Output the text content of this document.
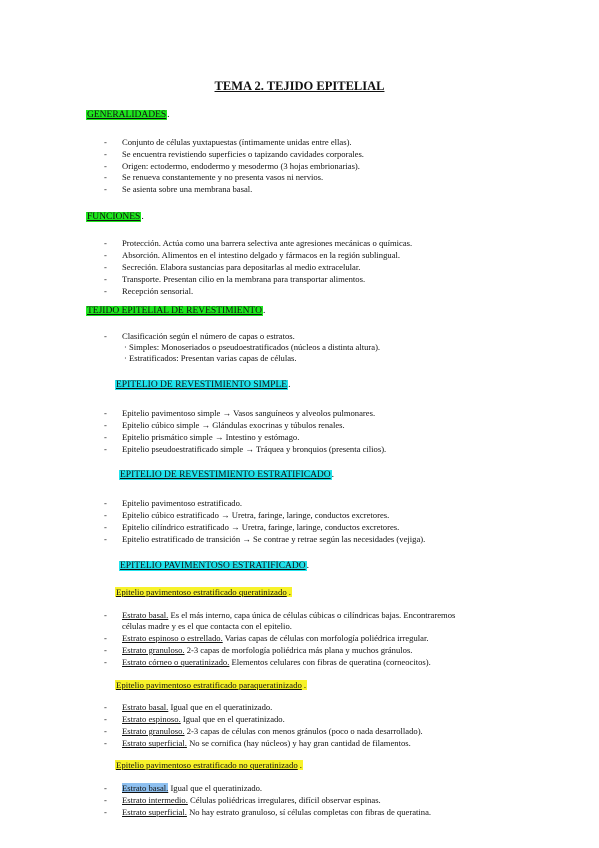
TEMA 2. TEJIDO EPITELIAL
GENERALIDADES.
- Conjunto de células yuxtapuestas (íntimamente unidas entre ellas).
- Se encuentra revistiendo superficies o tapizando cavidades corporales.
- Origen: ectodermo, endodermo y mesodermo (3 hojas embrionarias).
- Se renueva constantemente y no presenta vasos ni nervios.
- Se asienta sobre una membrana basal.
FUNCIONES.
- Protección. Actúa como una barrera selectiva ante agresiones mecánicas o químicas.
- Absorción. Alimentos en el intestino delgado y fármacos en la región sublingual.
- Secreción. Elabora sustancias para depositarlas al medio extracelular.
- Transporte. Presentan cilio en la membrana para transportar alimentos.
- Recepción sensorial.
TEJIDO EPITELIAL DE REVESTIMIENTO.
- Clasificación según el número de capas o estratos.
· Simples: Monoseriados o pseudoestratificados (núcleos a distinta altura).
· Estratificados: Presentan varias capas de células.
EPITELIO DE REVESTIMIENTO SIMPLE.
- Epitelio pavimentoso simple → Vasos sanguíneos y alveolos pulmonares.
- Epitelio cúbico simple → Glándulas exocrinas y túbulos renales.
- Epitelio prismático simple → Intestino y estómago.
- Epitelio pseudoestratificado simple → Tráquea y bronquios (presenta cilios).
EPITELIO DE REVESTIMIENTO ESTRATIFICADO.
- Epitelio pavimentoso estratificado.
- Epitelio cúbico estratificado → Uretra, faringe, laringe, conductos excretores.
- Epitelio cilíndrico estratificado → Uretra, faringe, laringe, conductos excretores.
- Epitelio estratificado de transición → Se contrae y retrae según las necesidades (vejiga).
EPITELIO PAVIMENTOSO ESTRATIFICADO.
Epitelio pavimentoso estratificado queratinizado .
- Estrato basal. Es el más interno, capa única de células cúbicas o cilíndricas bajas. Encontraremos
células madre y es el que contacta con el epitelio.
- Estrato espinoso o estrellado. Varias capas de células con morfología poliédrica irregular.
- Estrato granuloso. 2-3 capas de morfología poliédrica más plana y muchos gránulos.
- Estrato córneo o queratinizado. Elementos celulares con fibras de queratina (corneocitos).
Epitelio pavimentoso estratificado paraqueratinizado .
- Estrato basal. Igual que en el queratinizado.
- Estrato espinoso. Igual que en el queratinizado.
- Estrato granuloso. 2-3 capas de células con menos gránulos (poco o nada desarrollado).
- Estrato superficial. No se cornifica (hay núcleos) y hay gran cantidad de filamentos.
Epitelio pavimentoso estratificado no queratinizado .
- Estrato basal. Igual que el queratinizado.
- Estrato intermedio. Células poliédricas irregulares, difícil observar espinas.
- Estrato superficial. No hay estrato granuloso, sí células completas con fibras de queratina.
